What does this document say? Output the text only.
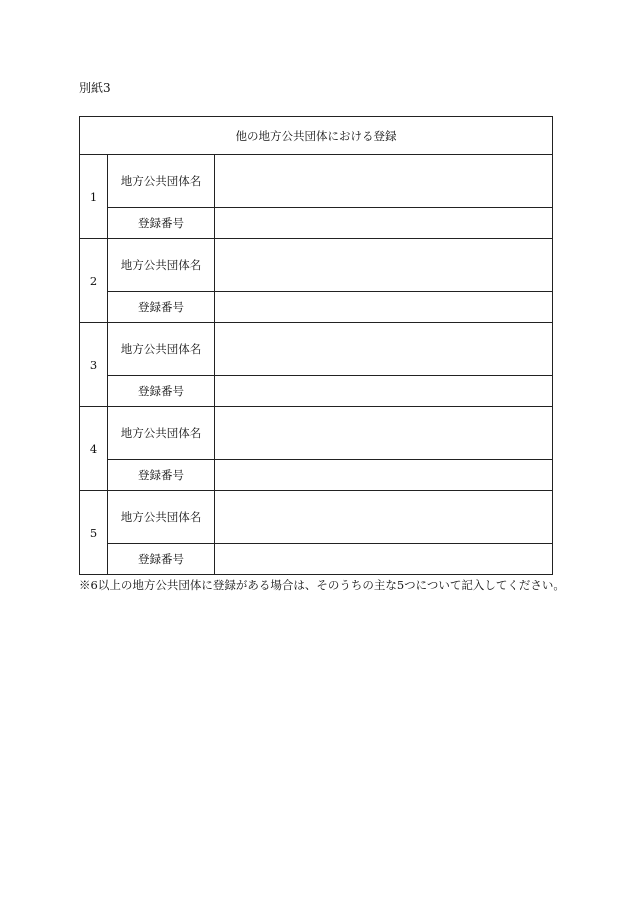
別紙3
他の地方公共団体における登録		
1	地方公共団体名	
	登録番号	
2	地方公共団体名	
	登録番号	
3	地方公共団体名	
	登録番号	
4	地方公共団体名	
	登録番号	
5	地方公共団体名	
	登録番号	
※6以上の地方公共団体に登録がある場合は、そのうちの主な5つについて記入してください。
